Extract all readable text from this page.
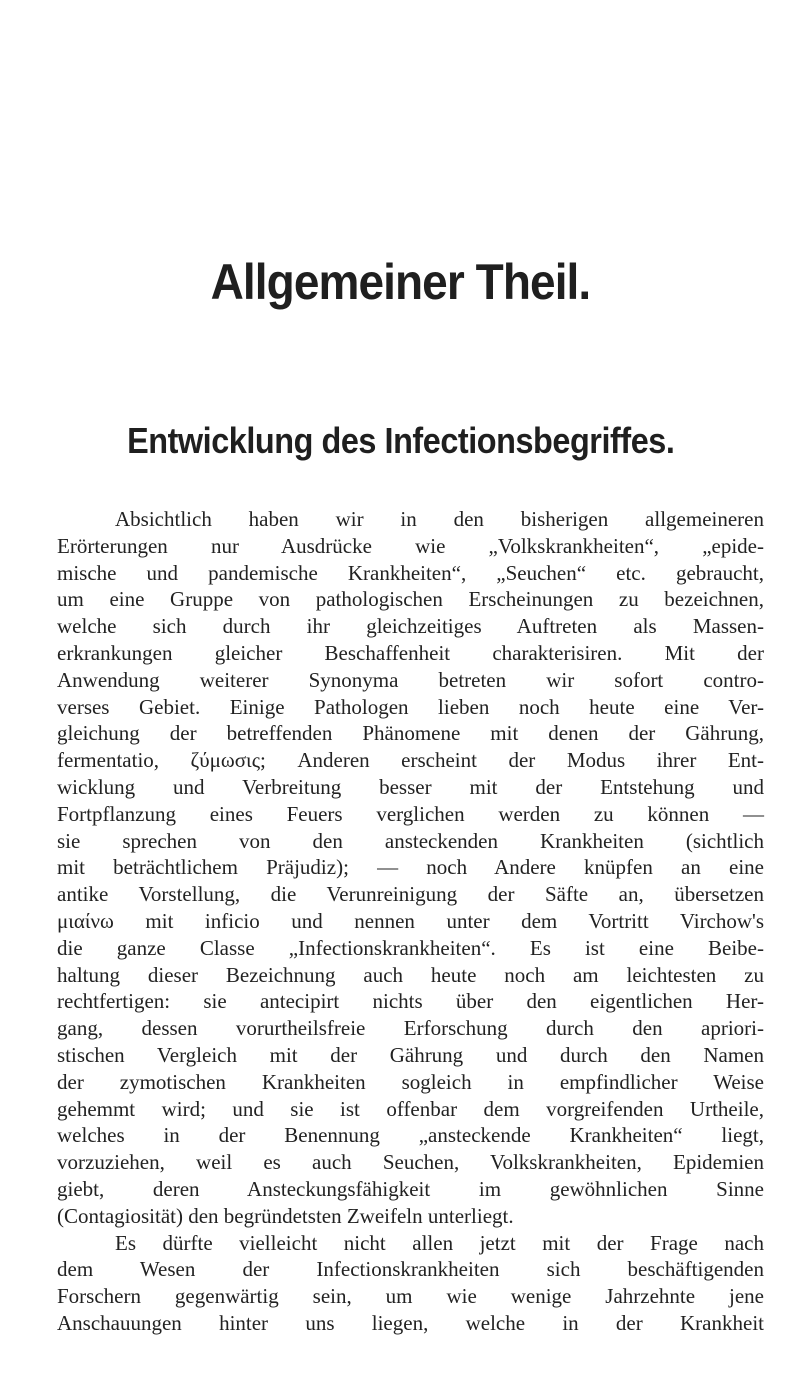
Allgemeiner Theil.
Entwicklung des Infectionsbegriffes.
Absichtlich haben wir in den bisherigen allgemeineren
Erörterungen nur Ausdrücke wie „Volkskrankheiten“, „epide-
mische und pandemische Krankheiten“, „Seuchen“ etc. gebraucht,
um eine Gruppe von pathologischen Erscheinungen zu bezeichnen,
welche sich durch ihr gleichzeitiges Auftreten als Massen-
erkrankungen gleicher Beschaffenheit charakterisiren. Mit der
Anwendung weiterer Synonyma betreten wir sofort contro-
verses Gebiet. Einige Pathologen lieben noch heute eine Ver-
gleichung der betreffenden Phänomene mit denen der Gährung,
fermentatio, ζύμωσις; Anderen erscheint der Modus ihrer Ent-
wicklung und Verbreitung besser mit der Entstehung und
Fortpflanzung eines Feuers verglichen werden zu können —
sie sprechen von den ansteckenden Krankheiten (sichtlich
mit beträchtlichem Präjudiz); — noch Andere knüpfen an eine
antike Vorstellung, die Verunreinigung der Säfte an, übersetzen
μιαίνω mit inficio und nennen unter dem Vortritt Virchow's
die ganze Classe „Infectionskrankheiten“. Es ist eine Beibe-
haltung dieser Bezeichnung auch heute noch am leichtesten zu
rechtfertigen: sie antecipirt nichts über den eigentlichen Her-
gang, dessen vorurtheilsfreie Erforschung durch den apriori-
stischen Vergleich mit der Gährung und durch den Namen
der zymotischen Krankheiten sogleich in empfindlicher Weise
gehemmt wird; und sie ist offenbar dem vorgreifenden Urtheile,
welches in der Benennung „ansteckende Krankheiten“ liegt,
vorzuziehen, weil es auch Seuchen, Volkskrankheiten, Epidemien
giebt, deren Ansteckungsfähigkeit im gewöhnlichen Sinne
(Contagiosität) den begründetsten Zweifeln unterliegt.
Es dürfte vielleicht nicht allen jetzt mit der Frage nach
dem Wesen der Infectionskrankheiten sich beschäftigenden
Forschern gegenwärtig sein, um wie wenige Jahrzehnte jene
Anschauungen hinter uns liegen, welche in der Krankheit
